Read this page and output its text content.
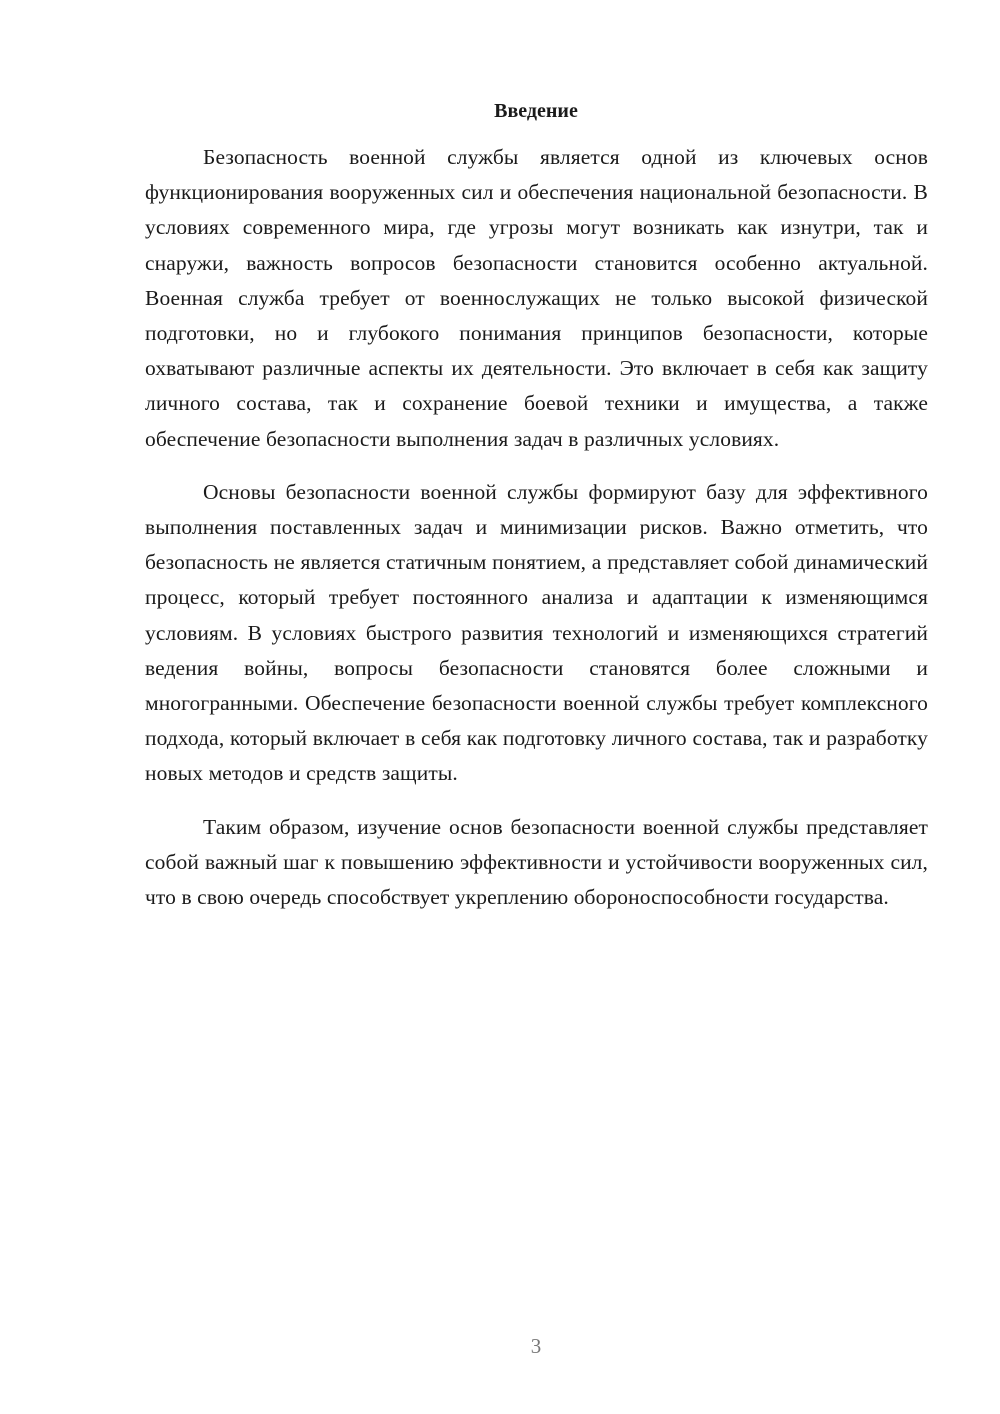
Введение

Безопасность военной службы является одной из ключевых основ функционирования вооруженных сил и обеспечения национальной безопасности. В условиях современного мира, где угрозы могут возникать как изнутри, так и снаружи, важность вопросов безопасности становится особенно актуальной. Военная служба требует от военнослужащих не только высокой физической подготовки, но и глубокого понимания принципов безопасности, которые охватывают различные аспекты их деятельности. Это включает в себя как защиту личного состава, так и сохранение боевой техники и имущества, а также обеспечение безопасности выполнения задач в различных условиях.

Основы безопасности военной службы формируют базу для эффективного выполнения поставленных задач и минимизации рисков. Важно отметить, что безопасность не является статичным понятием, а представляет собой динамический процесс, который требует постоянного анализа и адаптации к изменяющимся условиям. В условиях быстрого развития технологий и изменяющихся стратегий ведения войны, вопросы безопасности становятся более сложными и многогранными. Обеспечение безопасности военной службы требует комплексного подхода, который включает в себя как подготовку личного состава, так и разработку новых методов и средств защиты.

Таким образом, изучение основ безопасности военной службы представляет собой важный шаг к повышению эффективности и устойчивости вооруженных сил, что в свою очередь способствует укреплению обороноспособности государства.

3
